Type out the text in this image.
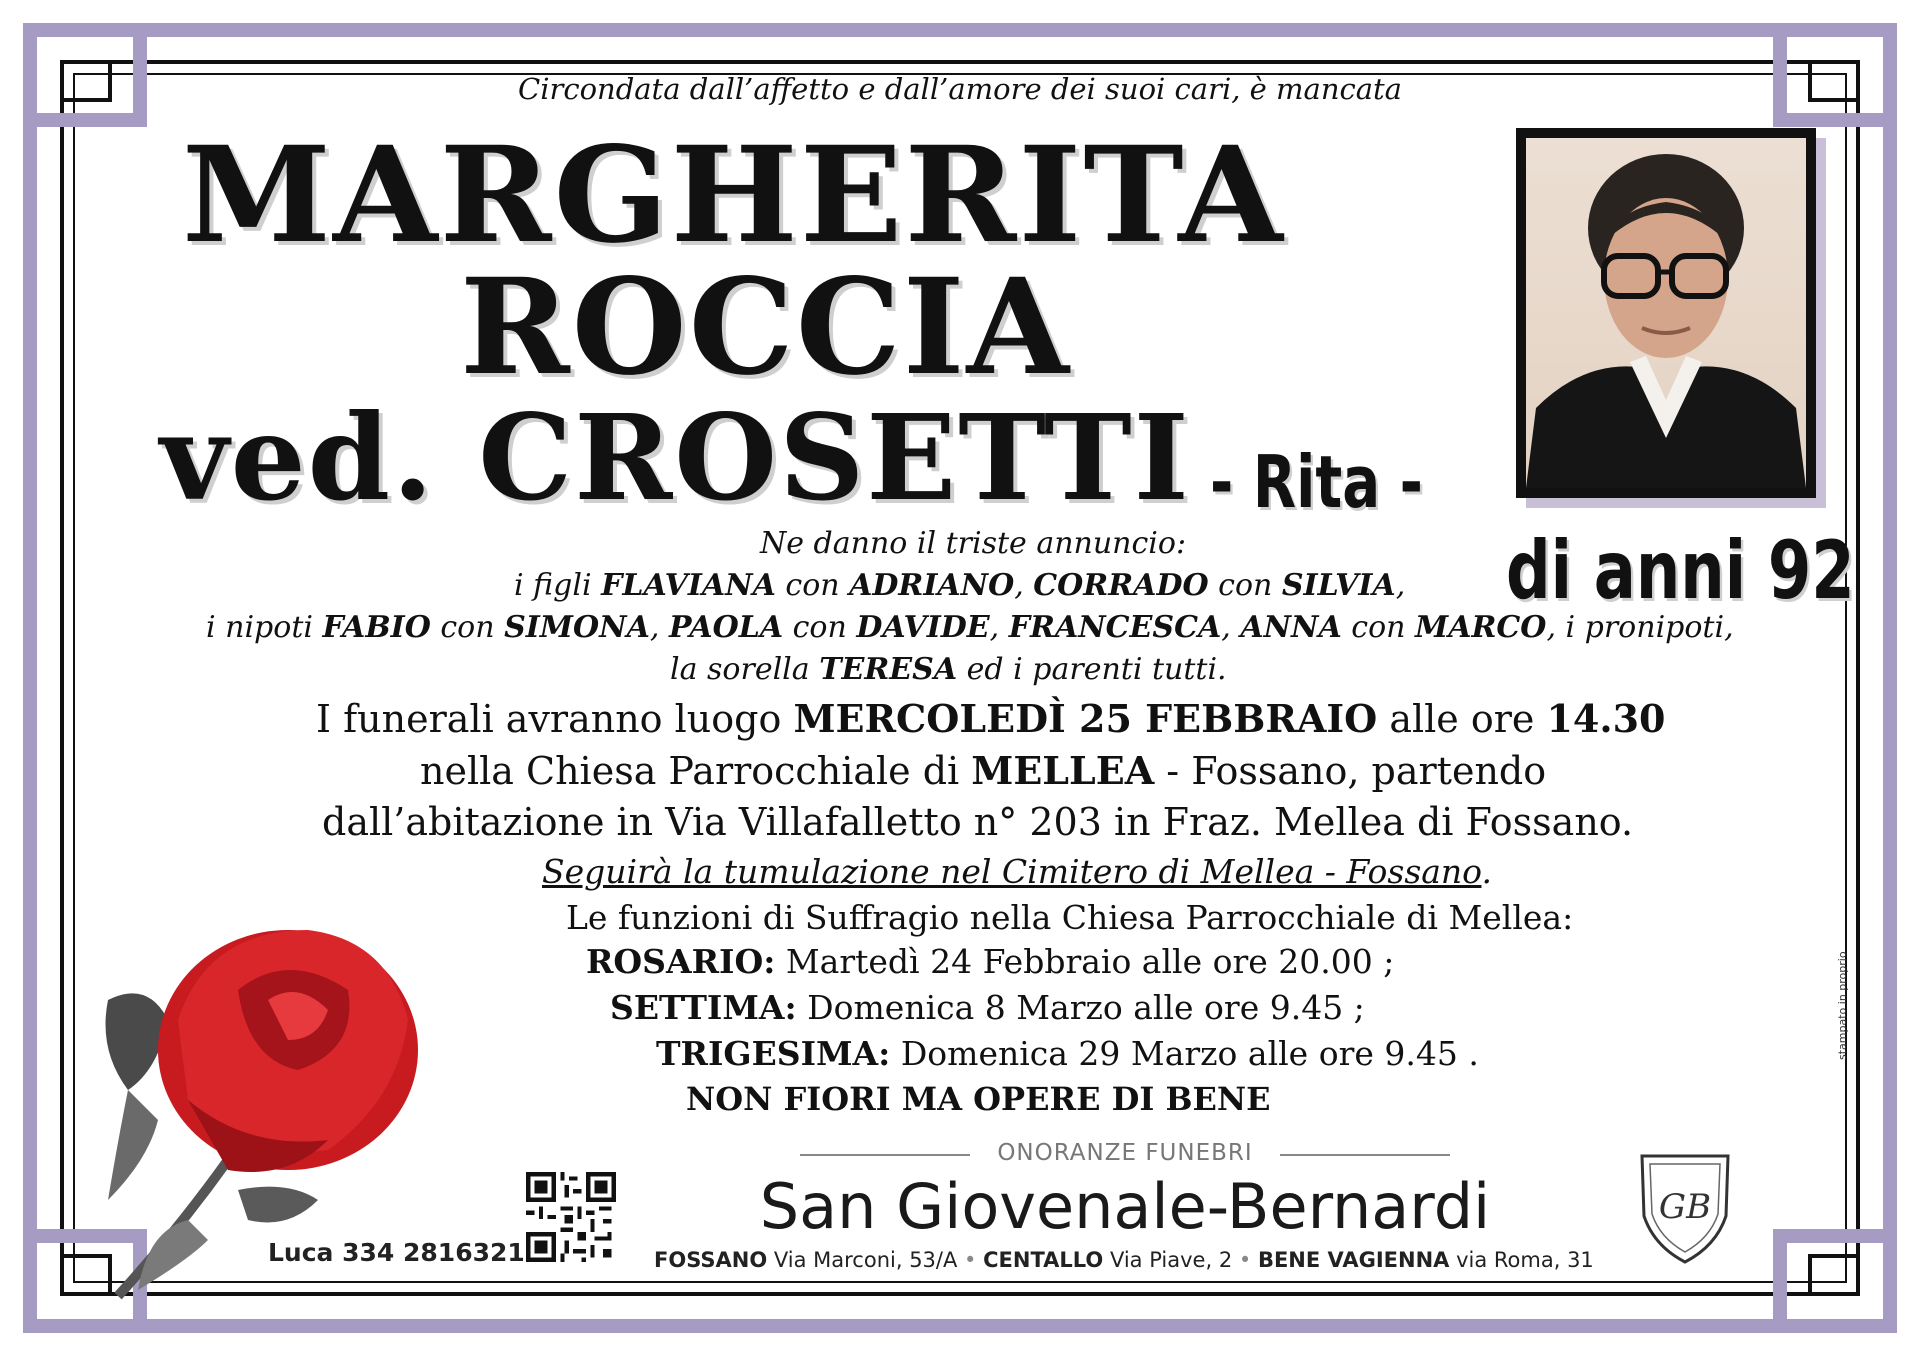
Circondata dall’affetto e dall’amore dei suoi cari, è mancata
MARGHERITA
ROCCIA
ved. CROSETTI - Rita -
di anni 92
Ne danno il triste annuncio:
i figli FLAVIANA con ADRIANO, CORRADO con SILVIA,
i nipoti FABIO con SIMONA, PAOLA con DAVIDE, FRANCESCA, ANNA con MARCO, i pronipoti,
la sorella TERESA ed i parenti tutti.
I funerali avranno luogo MERCOLEDÌ 25 FEBBRAIO alle ore 14.30
nella Chiesa Parrocchiale di MELLEA - Fossano, partendo
dall’abitazione in Via Villafalletto n° 203 in Fraz. Mellea di Fossano.
Seguirà la tumulazione nel Cimitero di Mellea - Fossano.
Le funzioni di Suffragio nella Chiesa Parrocchiale di Mellea:
ROSARIO: Martedì 24 Febbraio alle ore 20.00 ;
SETTIMA: Domenica 8 Marzo alle ore 9.45 ;
TRIGESIMA: Domenica 29 Marzo alle ore 9.45 .
NON FIORI MA OPERE DI BENE
Luca 334 2816321
ONORANZE FUNEBRI
San Giovenale-Bernardi
FOSSANO Via Marconi, 53/A • CENTALLO Via Piave, 2 • BENE VAGIENNA via Roma, 31
GB
stampato in proprio
